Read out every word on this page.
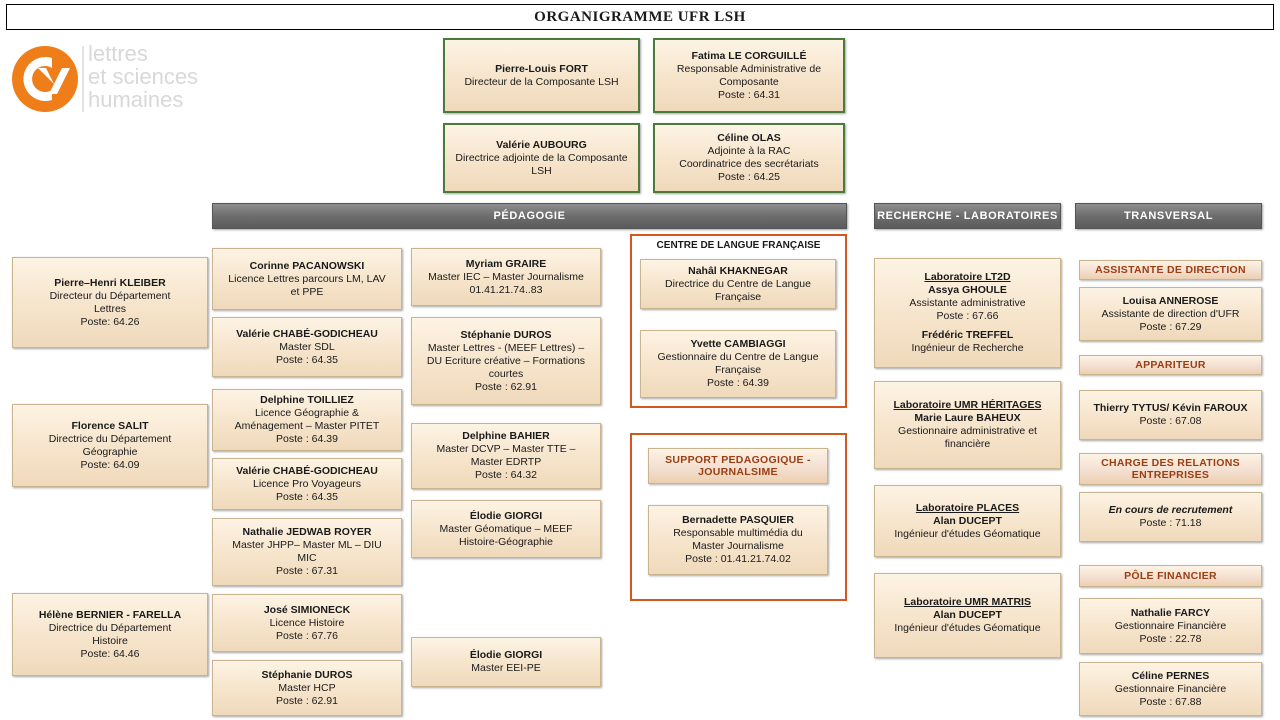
ORGANIGRAMME UFR LSH
lettres
et sciences
humaines
Pierre-Louis FORT
Directeur de la Composante LSH
Fatima LE CORGUILLÉ
Responsable Administrative de Composante
Poste : 64.31
Valérie AUBOURG
Directrice adjointe de la Composante LSH
Céline OLAS
Adjointe à la RAC
Coordinatrice des secrétariats
Poste : 64.25
PÉDAGOGIE	RECHERCHE - LABORATOIRES	TRANSVERSAL
Pierre–Henri KLEIBER
Directeur du Département
Lettres
Poste: 64.26
Florence SALIT
Directrice du Département
Géographie
Poste: 64.09
Hélène BERNIER - FARELLA
Directrice du Département
Histoire
Poste: 64.46
Corinne PACANOWSKI
Licence Lettres parcours LM, LAV
et PPE
Valérie CHABÉ-GODICHEAU
Master SDL
Poste : 64.35
Delphine TOILLIEZ
Licence Géographie &
Aménagement – Master PITET
Poste : 64.39
Valérie CHABÉ-GODICHEAU
Licence Pro Voyageurs
Poste : 64.35
Nathalie JEDWAB ROYER
Master JHPP– Master ML – DIU
MIC
Poste : 67.31
José SIMIONECK
Licence Histoire
Poste : 67.76
Stéphanie DUROS
Master HCP
Poste : 62.91
Myriam GRAIRE
Master IEC – Master Journalisme
01.41.21.74..83
Stéphanie DUROS
Master Lettres - (MEEF Lettres) –
DU Ecriture créative – Formations
courtes
Poste : 62.91
Delphine BAHIER
Master DCVP – Master TTE –
Master EDRTP
Poste : 64.32
Élodie GIORGI
Master Géomatique – MEEF
Histoire-Géographie
Élodie GIORGI
Master EEI-PE
CENTRE DE LANGUE FRANÇAISE
Nahâl KHAKNEGAR
Directrice du Centre de Langue
Française
Yvette CAMBIAGGI
Gestionnaire du Centre de Langue
Française
Poste : 64.39
SUPPORT PEDAGOGIQUE -
JOURNALSIME
Bernadette PASQUIER
Responsable multimédia du
Master Journalisme
Poste : 01.41.21.74.02
Laboratoire LT2D
Assya GHOULE
Assistante administrative
Poste : 67.66
Frédéric TREFFEL
Ingénieur de Recherche
Laboratoire UMR HÉRITAGES
Marie Laure BAHEUX
Gestionnaire administrative et
financière
Laboratoire PLACES
Alan DUCEPT
Ingénieur d'études Géomatique
Laboratoire UMR MATRIS
Alan DUCEPT
Ingénieur d'études Géomatique
ASSISTANTE DE DIRECTION
Louisa ANNEROSE
Assistante de direction d'UFR
Poste : 67.29
APPARITEUR
Thierry TYTUS/ Kévin FAROUX
Poste : 67.08
CHARGE DES RELATIONS ENTREPRISES
En cours de recrutement
Poste : 71.18
PÔLE FINANCIER
Nathalie FARCY
Gestionnaire Financière
Poste : 22.78
Céline PERNES
Gestionnaire Financière
Poste : 67.88
